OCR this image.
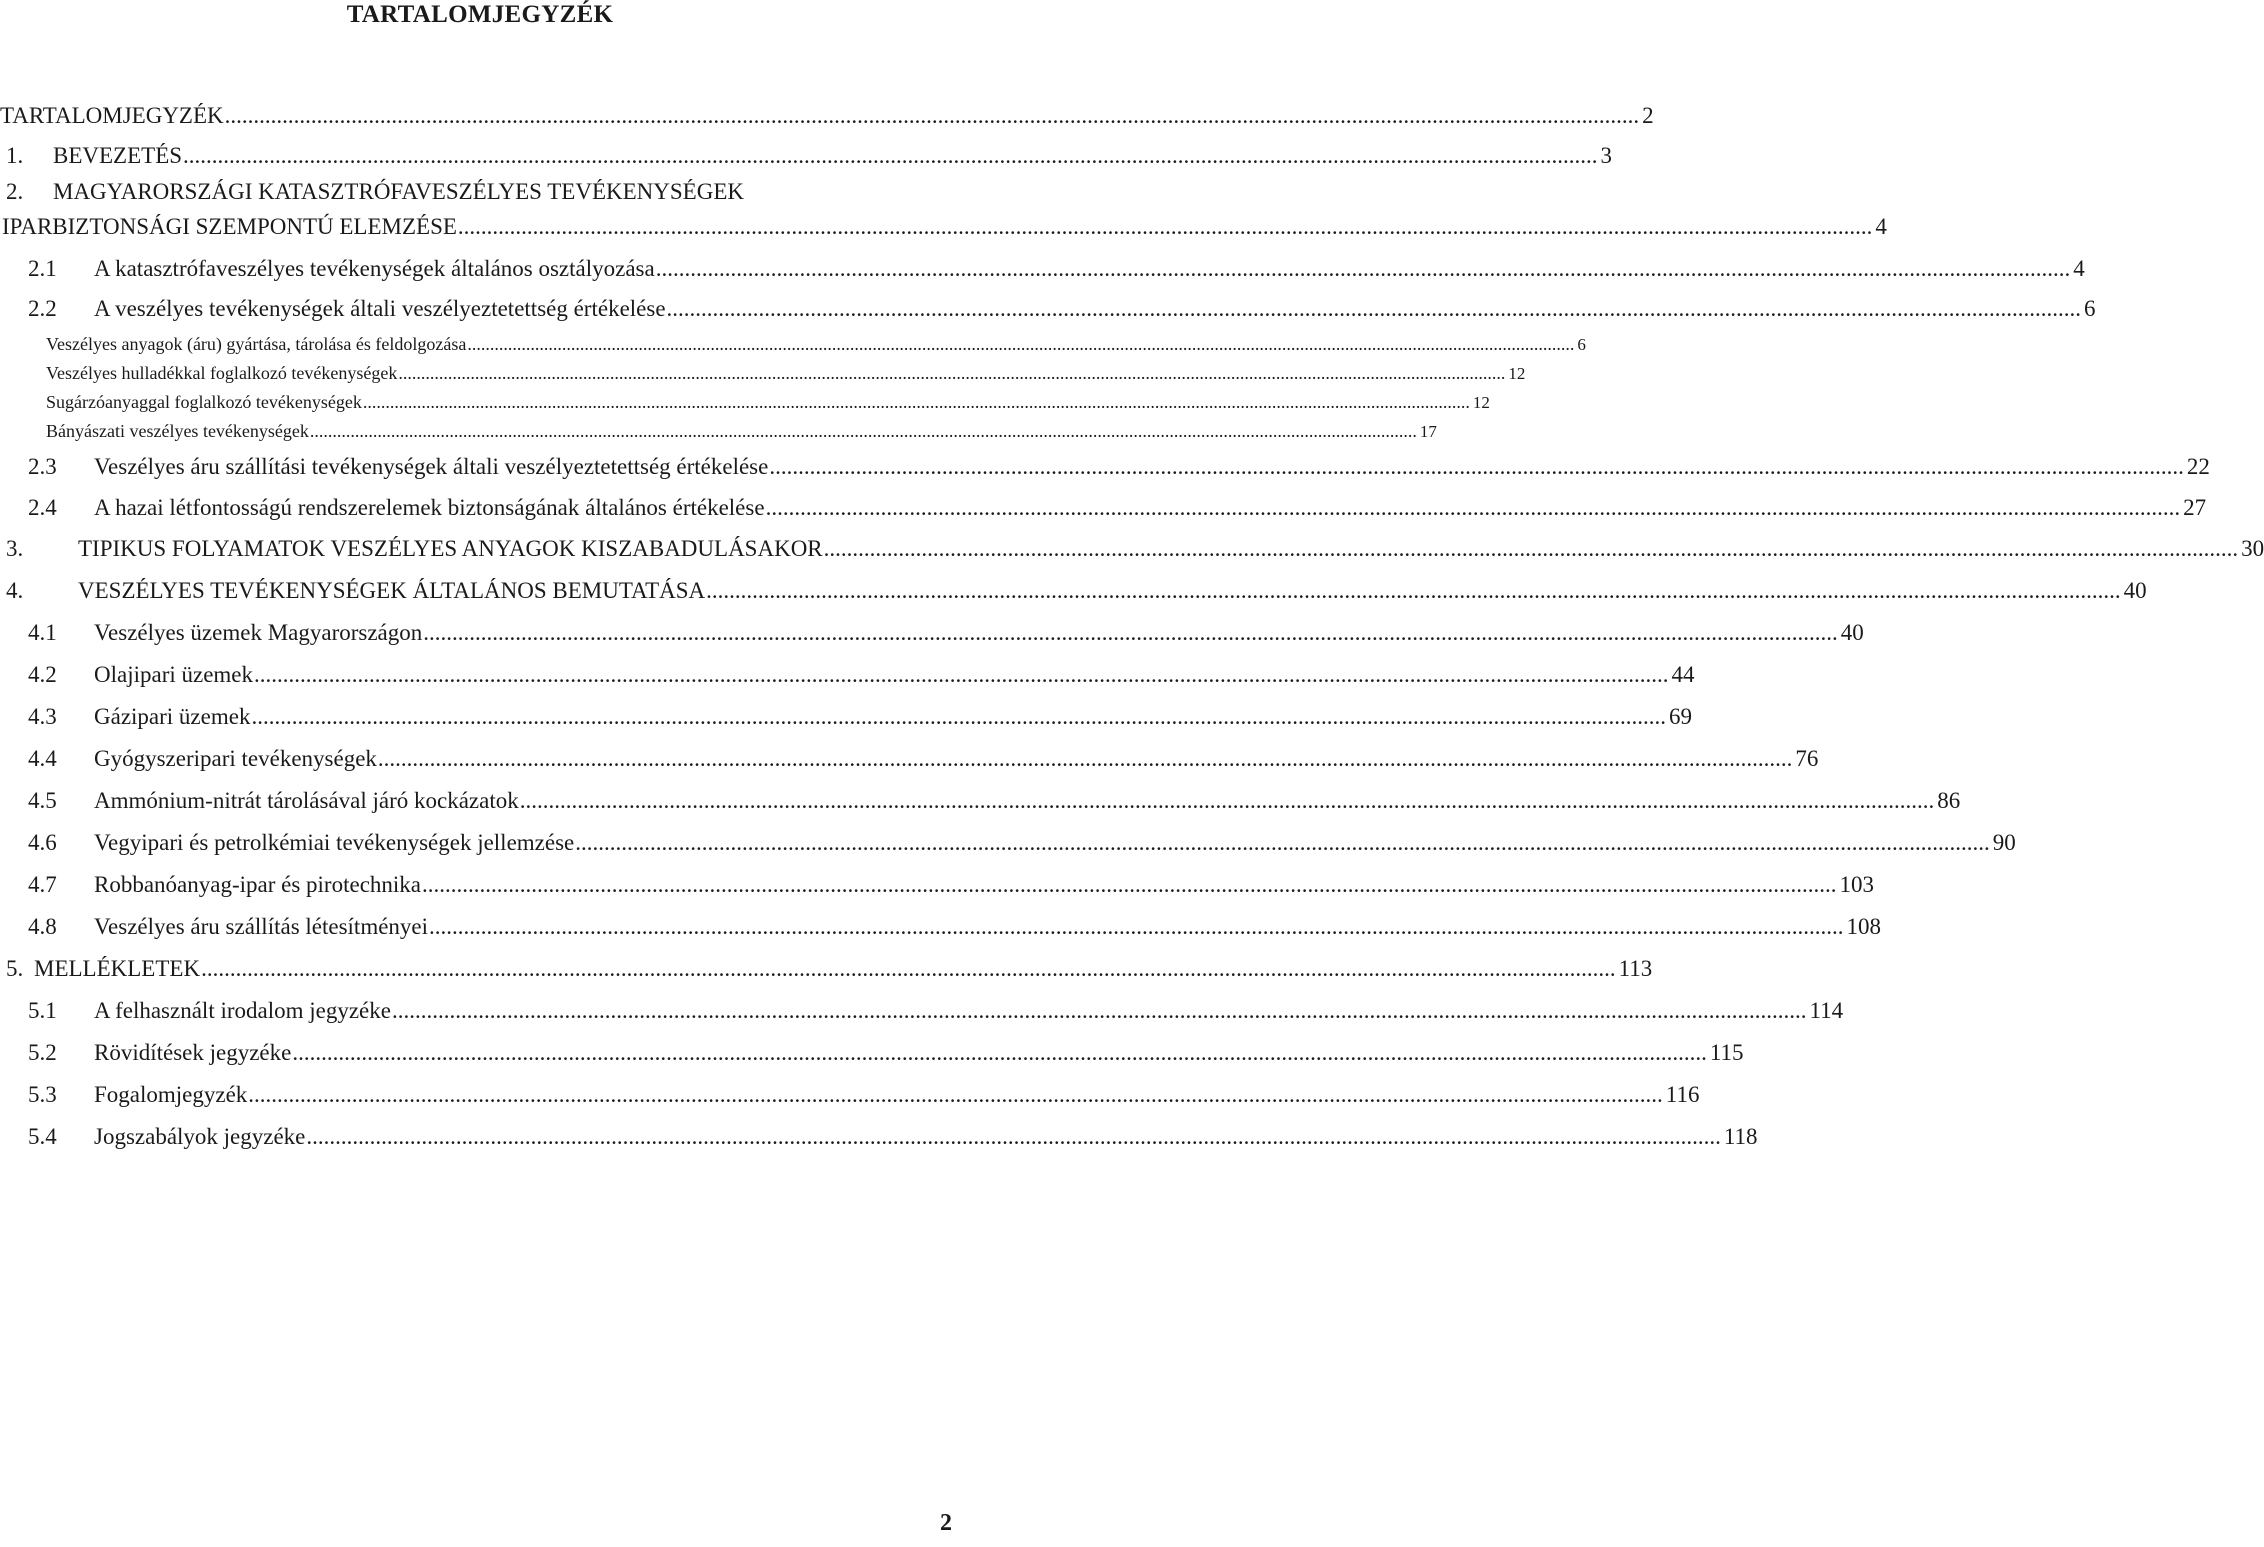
TARTALOMJEGYZÉK
TARTALOMJEGYZÉK .....	2
1.	BEVEZETÉS .....	3
2. MAGYARORSZÁGI KATASZTRÓFAVESZÉLYES TEVÉKENYSÉGEK
IPARBIZTONSÁGI SZEMPONTÚ ELEMZÉSE .....	4
2.1	A katasztrófaveszélyes tevékenységek általános osztályozása .....	4
2.2	A veszélyes tevékenységek általi veszélyeztetettség értékelése .....	6
Veszélyes anyagok (áru) gyártása, tárolása és feldolgozása .....	6
Veszélyes hulladékkal foglalkozó tevékenységek .....	12
Sugárzóanyaggal foglalkozó tevékenységek .....	12
Bányászati veszélyes tevékenységek .....	17
2.3	Veszélyes áru szállítási tevékenységek általi veszélyeztetettség értékelése .....	22
2.4	A hazai létfontosságú rendszerelemek biztonságának általános értékelése .....	27
3.	TIPIKUS FOLYAMATOK VESZÉLYES ANYAGOK KISZABADULÁSAKOR .....	30
4.	VESZÉLYES TEVÉKENYSÉGEK ÁLTALÁNOS BEMUTATÁSA .....	40
4.1	Veszélyes üzemek Magyarországon .....	40
4.2	Olajipari üzemek .....	44
4.3	Gázipari üzemek .....	69
4.4	Gyógyszeripari tevékenységek .....	76
4.5	Ammónium-nitrát tárolásával járó kockázatok .....	86
4.6	Vegyipari és petrolkémiai tevékenységek jellemzése .....	90
4.7	Robbanóanyag-ipar és pirotechnika .....	103
4.8	Veszélyes áru szállítás létesítményei .....	108
5. MELLÉKLETEK .....	113
5.1	A felhasznált irodalom jegyzéke .....	114
5.2	Rövidítések jegyzéke .....	115
5.3	Fogalomjegyzék .....	116
5.4	Jogszabályok jegyzéke .....	118
2
